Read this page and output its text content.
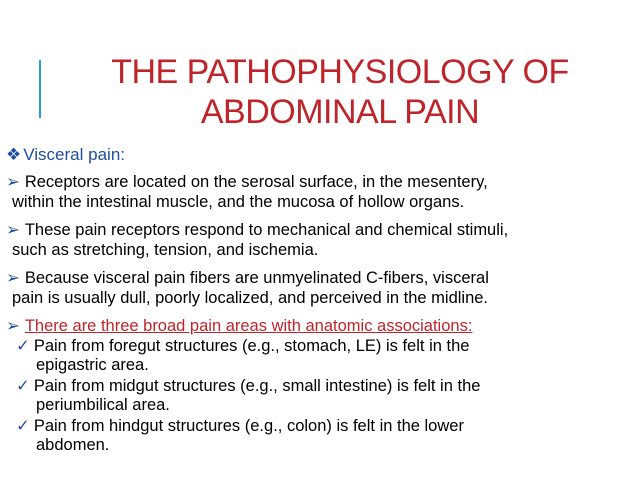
THE PATHOPHYSIOLOGY OF
ABDOMINAL PAIN
❖ Visceral pain:
➢ Receptors are located on the serosal surface, in the mesentery,
within the intestinal muscle, and the mucosa of hollow organs.
➢ These pain receptors respond to mechanical and chemical stimuli,
such as stretching, tension, and ischemia.
➢ Because visceral pain fibers are unmyelinated C-fibers, visceral
pain is usually dull, poorly localized, and perceived in the midline.
➢ There are three broad pain areas with anatomic associations:
✓ Pain from foregut structures (e.g., stomach, LE) is felt in the
epigastric area.
✓ Pain from midgut structures (e.g., small intestine) is felt in the
periumbilical area.
✓ Pain from hindgut structures (e.g., colon) is felt in the lower
abdomen.
